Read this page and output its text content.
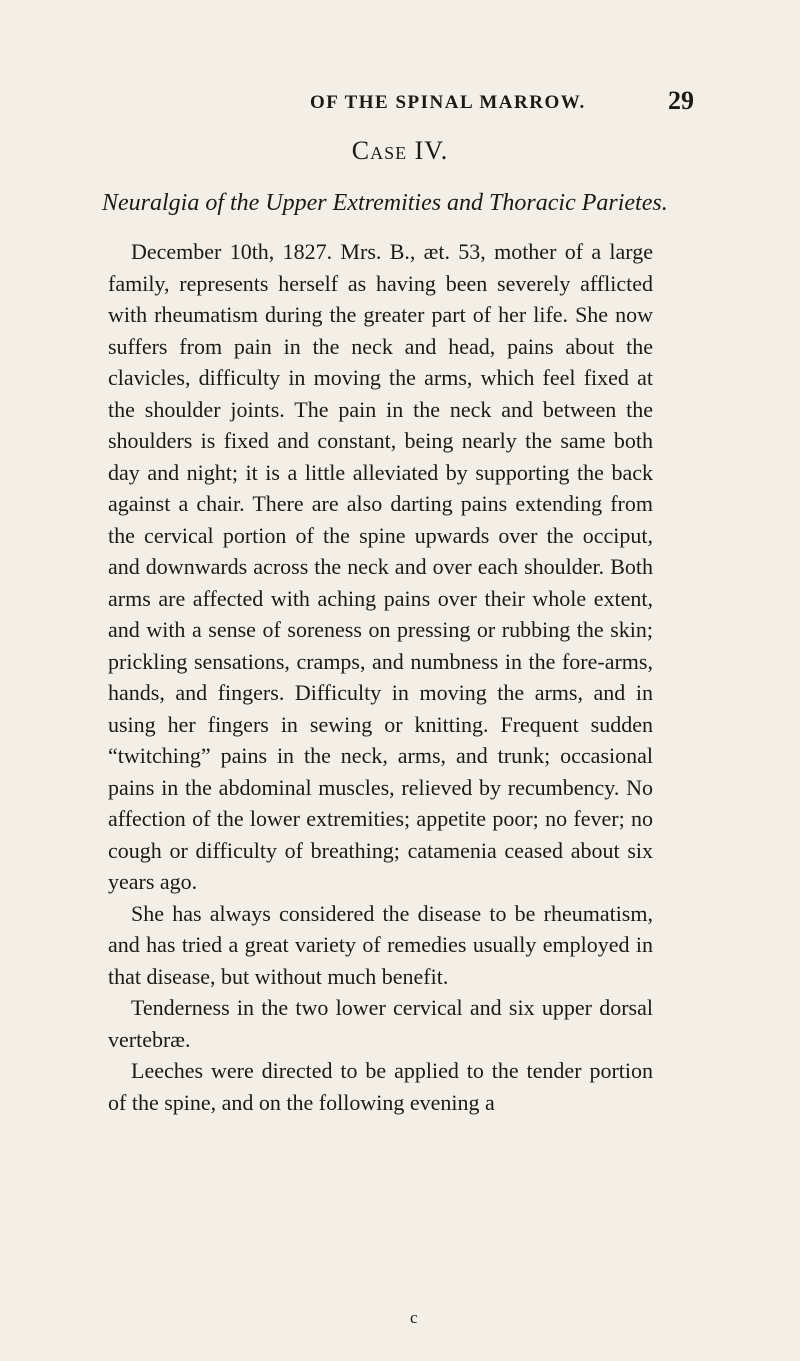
OF THE SPINAL MARROW.	29
Case IV.
Neuralgia of the Upper Extremities and Thoracic Parietes.

December 10th, 1827. Mrs. B., æt. 53, mother of a large family, represents herself as having been severely afflicted with rheumatism during the greater part of her life. She now suffers from pain in the neck and head, pains about the clavicles, difficulty in moving the arms, which feel fixed at the shoulder joints. The pain in the neck and between the shoulders is fixed and constant, being nearly the same both day and night; it is a little alleviated by supporting the back against a chair. There are also darting pains extending from the cervical portion of the spine upwards over the occiput, and downwards across the neck and over each shoulder. Both arms are affected with aching pains over their whole extent, and with a sense of soreness on pressing or rubbing the skin; prickling sensations, cramps, and numbness in the fore-arms, hands, and fingers. Difficulty in moving the arms, and in using her fingers in sewing or knitting. Frequent sudden “twitching” pains in the neck, arms, and trunk; occasional pains in the abdominal muscles, relieved by recumbency. No affection of the lower extremities; appetite poor; no fever; no cough or difficulty of breathing; catamenia ceased about six years ago.

She has always considered the disease to be rheumatism, and has tried a great variety of remedies usually employed in that disease, but without much benefit.

Tenderness in the two lower cervical and six upper dorsal vertebræ.

Leeches were directed to be applied to the tender portion of the spine, and on the following evening a

c
